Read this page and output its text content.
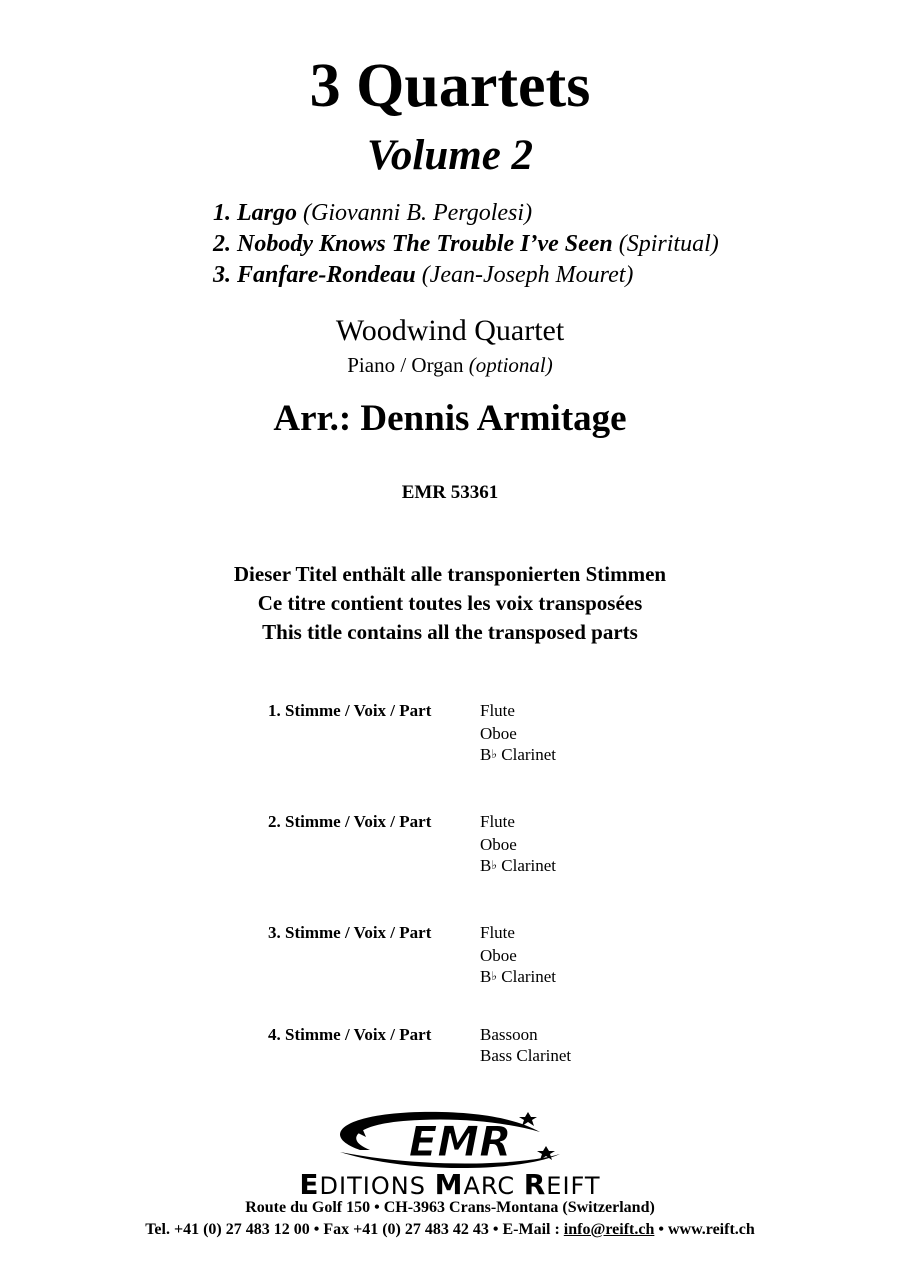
3 Quartets
Volume 2
1. Largo (Giovanni B. Pergolesi)
2. Nobody Knows The Trouble I’ve Seen (Spiritual)
3. Fanfare-Rondeau (Jean-Joseph Mouret)
Woodwind Quartet
Piano / Organ (optional)
Arr.: Dennis Armitage
EMR 53361
Dieser Titel enthält alle transponierten Stimmen
Ce titre contient toutes les voix transposées
This title contains all the transposed parts
1. Stimme / Voix / Part	Flute
Oboe
B♭ Clarinet
2. Stimme / Voix / Part	Flute
Oboe
B♭ Clarinet
3. Stimme / Voix / Part	Flute
Oboe
B♭ Clarinet
4. Stimme / Voix / Part	Bassoon
Bass Clarinet
EMR
EDITIONS MARC REIFT
Route du Golf 150 • CH-3963 Crans-Montana (Switzerland)
Tel. +41 (0) 27 483 12 00 • Fax +41 (0) 27 483 42 43 • E-Mail : info@reift.ch • www.reift.ch
